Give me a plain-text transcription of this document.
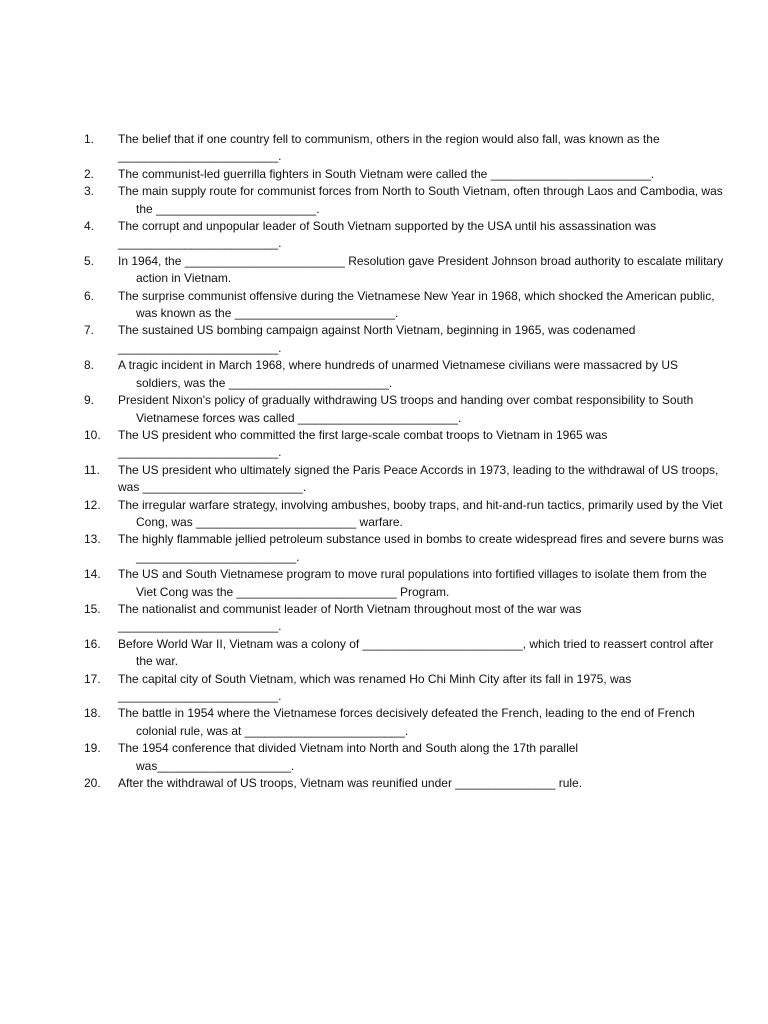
1.	The belief that if one country fell to communism, others in the region would also fall, was known as the ________________________.
2.	The communist-led guerrilla fighters in South Vietnam were called the ________________________.
3.	The main supply route for communist forces from North to South Vietnam, often through Laos and Cambodia, was the ________________________.
4.	The corrupt and unpopular leader of South Vietnam supported by the USA until his assassination was ________________________.
5.	In 1964, the ________________________ Resolution gave President Johnson broad authority to escalate military action in Vietnam.
6.	The surprise communist offensive during the Vietnamese New Year in 1968, which shocked the American public, was known as the ________________________.
7.	The sustained US bombing campaign against North Vietnam, beginning in 1965, was codenamed ________________________.
8.	A tragic incident in March 1968, where hundreds of unarmed Vietnamese civilians were massacred by US soldiers, was the ________________________.
9.	President Nixon's policy of gradually withdrawing US troops and handing over combat responsibility to South Vietnamese forces was called ________________________.
10.	The US president who committed the first large-scale combat troops to Vietnam in 1965 was ________________________.
11.	The US president who ultimately signed the Paris Peace Accords in 1973, leading to the withdrawal of US troops, was ________________________.
12.	The irregular warfare strategy, involving ambushes, booby traps, and hit-and-run tactics, primarily used by the Viet Cong, was ________________________ warfare.
13.	The highly flammable jellied petroleum substance used in bombs to create widespread fires and severe burns was ________________________.
14.	The US and South Vietnamese program to move rural populations into fortified villages to isolate them from the Viet Cong was the ________________________ Program.
15.	The nationalist and communist leader of North Vietnam throughout most of the war was ________________________.
16.	Before World War II, Vietnam was a colony of ________________________, which tried to reassert control after the war.
17.	The capital city of South Vietnam, which was renamed Ho Chi Minh City after its fall in 1975, was ________________________.
18.	The battle in 1954 where the Vietnamese forces decisively defeated the French, leading to the end of French colonial rule, was at ________________________.
19.	The 1954 conference that divided Vietnam into North and South along the 17th parallel was____________________.
20.	After the withdrawal of US troops, Vietnam was reunified under _______________ rule.
